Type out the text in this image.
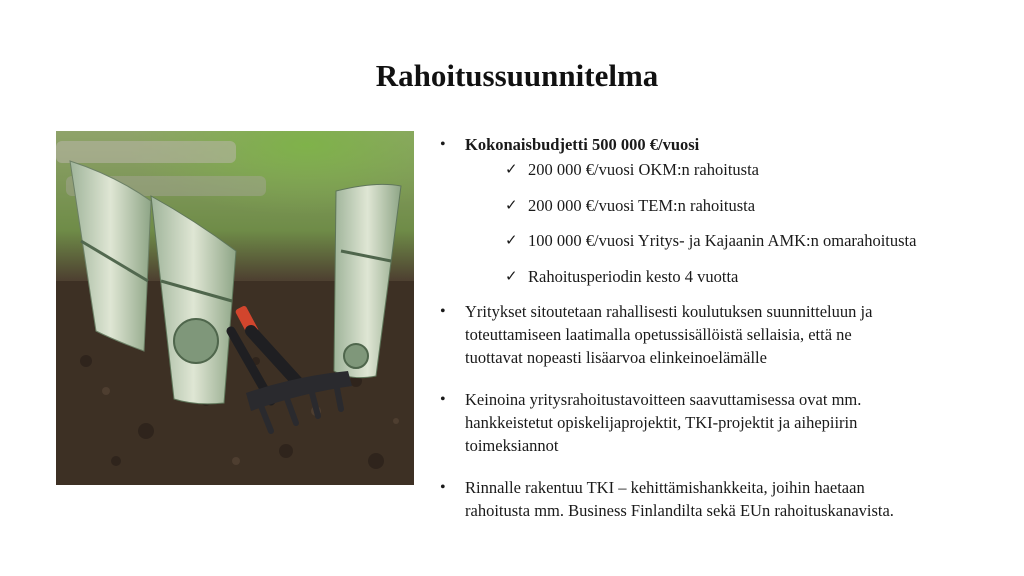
Rahoitussuunnitelma
• Kokonaisbudjetti 500 000 €/vuosi
✓ 200 000 €/vuosi OKM:n rahoitusta
✓ 200 000 €/vuosi TEM:n rahoitusta
✓ 100 000 €/vuosi Yritys- ja Kajaanin AMK:n omarahoitusta
✓ Rahoitusperiodin kesto 4 vuotta
• Yritykset sitoutetaan rahallisesti koulutuksen suunnitteluun ja
toteuttamiseen laatimalla opetussisällöistä sellaisia, että ne
tuottavat nopeasti lisäarvoa elinkeinoelämälle
• Keinoina yritysrahoitustavoitteen saavuttamisessa ovat mm.
hankkeistetut opiskelijaprojektit, TKI-projektit ja aihepiirin
toimeksiannot
• Rinnalle rakentuu TKI – kehittämishankkeita, joihin haetaan
rahoitusta mm. Business Finlandilta sekä EUn rahoituskanavista.
